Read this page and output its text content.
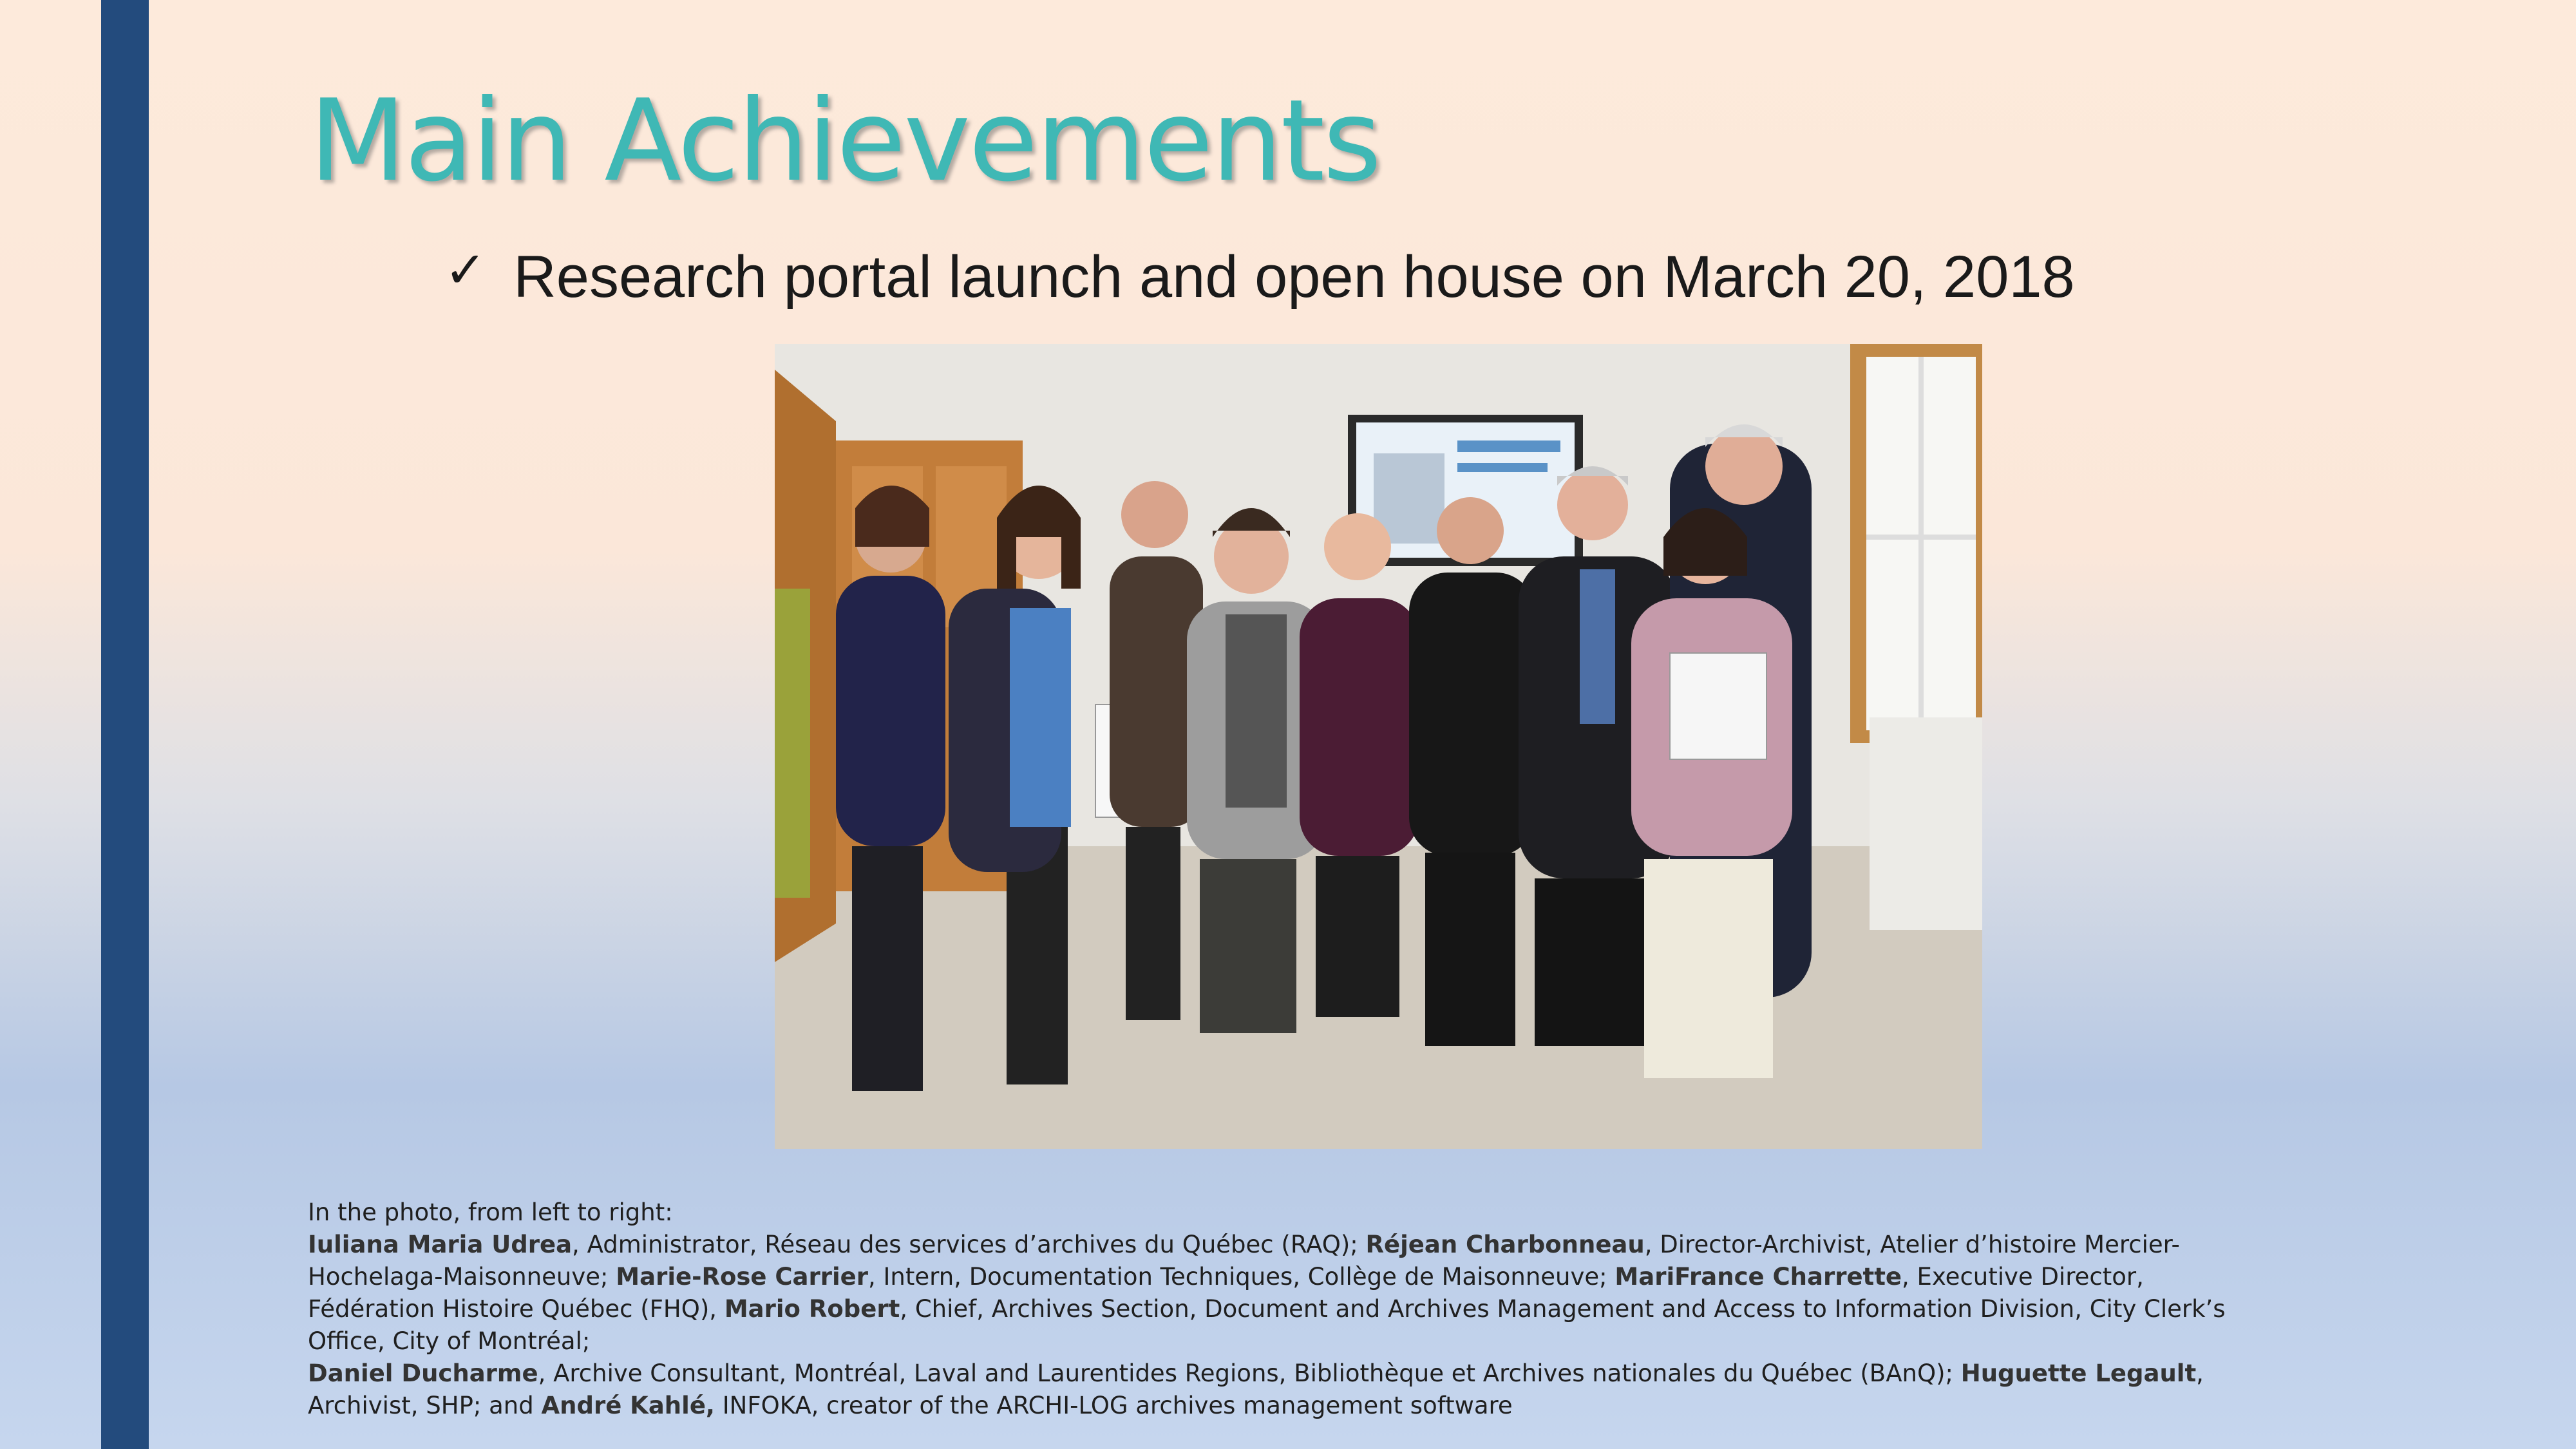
Main Achievements
✓ Research portal launch and open house on March 20, 2018

In the photo, from left to right:

Iuliana Maria Udrea, Administrator, Réseau des services d’archives du Québec (RAQ); Réjean Charbonneau, Director-Archivist, Atelier d’histoire Mercier-Hochelaga-Maisonneuve; Marie-Rose Carrier, Intern, Documentation Techniques, Collège de Maisonneuve; MariFrance Charrette, Executive Director, Fédération Histoire Québec (FHQ), Mario Robert, Chief, Archives Section, Document and Archives Management and Access to Information Division, City Clerk’s Office, City of Montréal;
Daniel Ducharme, Archive Consultant, Montréal, Laval and Laurentides Regions, Bibliothèque et Archives nationales du Québec (BAnQ); Huguette Legault, Archivist, SHP; and André Kahlé, INFOKA, creator of the ARCHI-LOG archives management software
